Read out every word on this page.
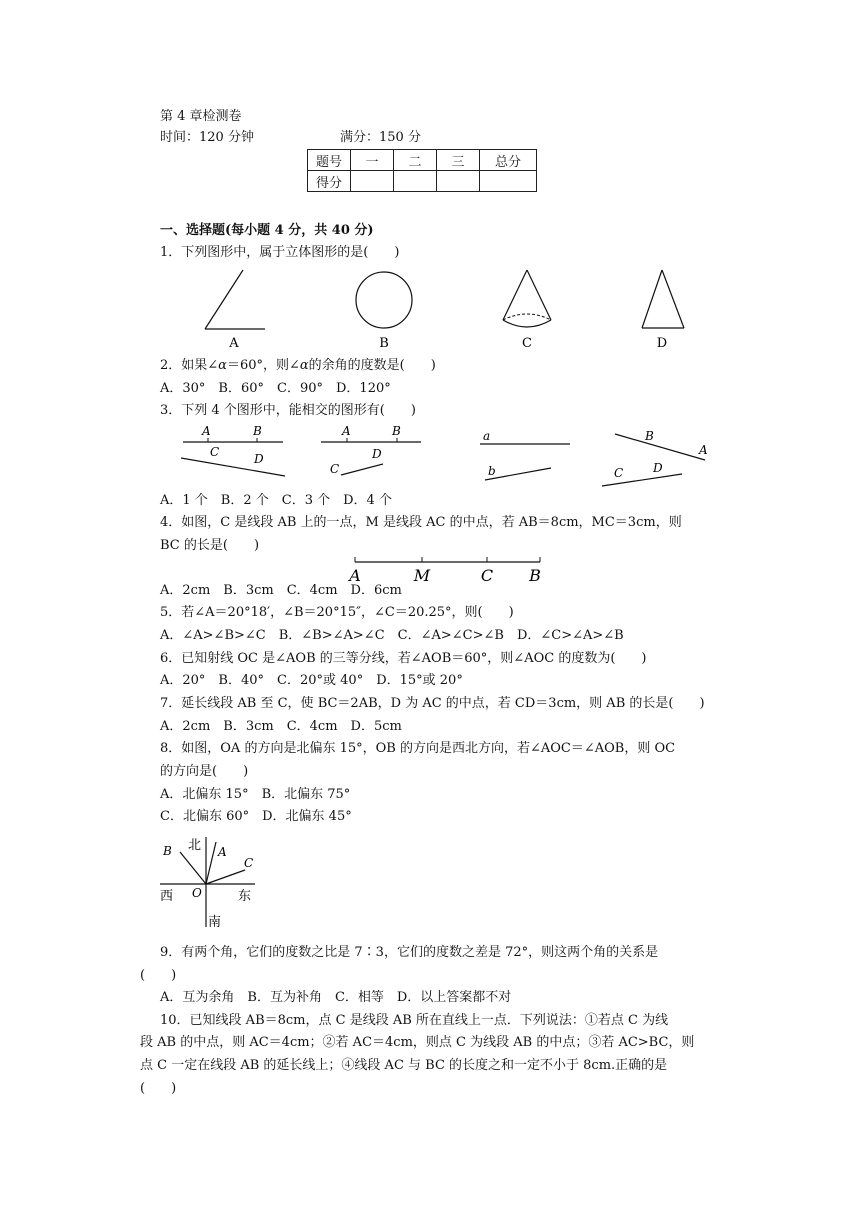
第 4 章检测卷
时间：120 分钟	满分：150 分
题号	一	二	三	总分
得分				
一、选择题(每小题 4 分，共 40 分)
1．下列图形中，属于立体图形的是(　　)
A	B	C	D
2．如果∠α＝60°，则∠α的余角的度数是(　　)
A．30°　B．60°　C．90°　D．120°
3．下列 4 个图形中，能相交的图形有(　　)
A	B
C	D
A	B
C
D
a
b
B
A
C D
A．1 个　B．2 个　C．3 个　D．4 个
4．如图，C 是线段 AB 上的一点，M 是线段 AC 的中点，若 AB＝8cm，MC＝3cm，则
BC 的长是(　　)
A	M	C B
A．2cm　B．3cm　C．4cm　D．6cm
5．若∠A＝20°18′，∠B＝20°15″，∠C＝20.25°，则(　　)
A．∠A>∠B>∠C　B．∠B>∠A>∠C　C．∠A>∠C>∠B　D．∠C>∠A>∠B
6．已知射线 OC 是∠AOB 的三等分线，若∠AOB＝60°，则∠AOC 的度数为(　　)
A．20°　B．40°　C．20°或 40°　D．15°或 20°
7．延长线段 AB 至 C，使 BC＝2AB，D 为 AC 的中点，若 CD＝3cm，则 AB 的长是(　　)
A．2cm　B．3cm　C．4cm　D．5cm
8．如图，OA 的方向是北偏东 15°，OB 的方向是西北方向，若∠AOC＝∠AOB，则 OC
的方向是(　　)
A．北偏东 15°　B．北偏东 75°
C．北偏东 60°　D．北偏东 45°
北
B	A
C
西 O	东
南
9．有两个角，它们的度数之比是 7∶3，它们的度数之差是 72°，则这两个角的关系是
(　　)
A．互为余角　B．互为补角　C．相等　D．以上答案都不对
10．已知线段 AB＝8cm，点 C 是线段 AB 所在直线上一点．下列说法：①若点 C 为线
段 AB 的中点，则 AC＝4cm；②若 AC＝4cm，则点 C 为线段 AB 的中点；③若 AC>BC，则
点 C 一定在线段 AB 的延长线上；④线段 AC 与 BC 的长度之和一定不小于 8cm.正确的是
(　　)
